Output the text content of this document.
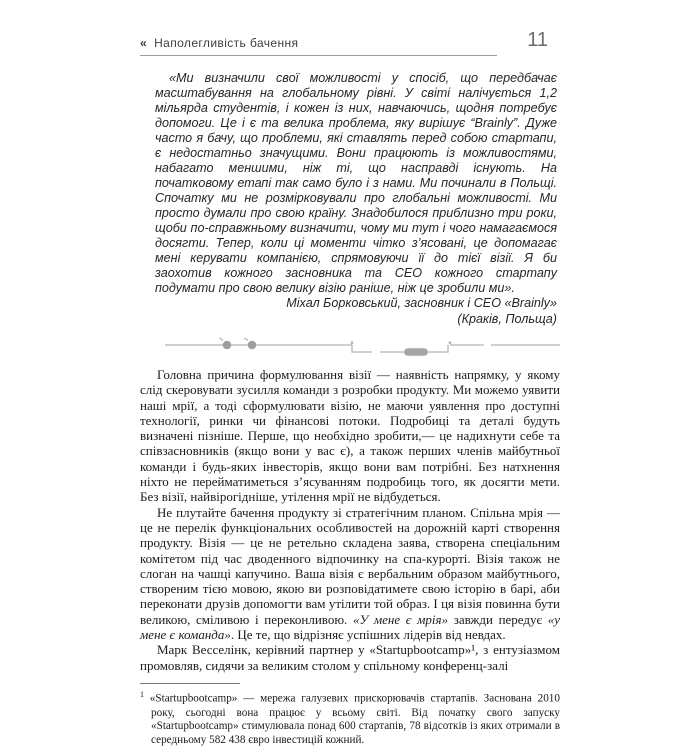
« Наполегливість бачення	11

«Ми визначили свої можливості у спосіб, що передбачає масштабування на глобальному рівні. У світі налічується 1,2 мільярда студентів, і кожен із них, навчаючись, щодня потребує допомоги. Це і є та велика проблема, яку вирішує “Brainly”. Дуже часто я бачу, що проблеми, які ставлять перед собою стартапи, є недостатньо значущими. Вони працюють із можливостями, набагато меншими, ніж ті, що насправді існують. На початковому етапі так само було і з нами. Ми починали в Польщі. Спочатку ми не розмірковували про глобальні можливості. Ми просто думали про свою країну. Знадобилося приблизно три роки, щоби по-справжньому визначити, чому ми тут і чого намагаємося досягти. Тепер, коли ці моменти чітко з’ясовані, це допомагає мені керувати компанією, спрямовуючи її до тієї візії. Я би заохотив кожного засновника та CEO кожного стартапу подумати про свою велику візію раніше, ніж це зробили ми».

Міхал Борковський, засновник і CEO «Brainly»

(Краків, Польща)

Головна причина формулювання візії — наявність напрямку, у якому слід скеровувати зусилля команди з розробки продукту. Ми можемо уявити наші мрії, а тоді сформулювати візію, не маючи уявлення про доступні технології, ринки чи фінансові потоки. Подробиці та деталі будуть визначені пізніше. Перше, що необхідно зробити,— це надихнути себе та співзасновників (якщо вони у вас є), а також перших членів майбутньої команди і будь-яких інвесторів, якщо вони вам потрібні. Без натхнення ніхто не перейматиметься з’ясуванням подробиць того, як досягти мети. Без візії, найвірогідніше, утілення мрії не відбудеться.

Не плутайте бачення продукту зі стратегічним планом. Спільна мрія — це не перелік функціональних особливостей на дорожній карті створення продукту. Візія — це не ретельно складена заява, створена спеціальним комітетом під час дводенного відпочинку на спа-курорті. Візія також не слоган на чашці капучино. Ваша візія є вербальним образом майбутнього, створеним тією мовою, якою ви розповідатимете свою історію в барі, аби переконати друзів допомогти вам утілити той образ. І ця візія повинна бути великою, сміливою і переконливою. «У мене є мрія» завжди передує «у мене є команда». Це те, що відрізняє успішних лідерів від невдах.

Марк Весселінк, керівний партнер у «Startupbootcamp»¹, з ентузіазмом промовляв, сидячи за великим столом у спільному конференц-залі

$^1$ «Startupbootcamp» — мережа галузевих прискорювачів стартапів. Заснована 2010 року, сьогодні вона працює у всьому світі. Від початку свого запуску «Startupbootcamp» стимулювала понад 600 стартапів, 78 відсотків із яких отримали в середньому 582 438 євро інвестицій кожний.
